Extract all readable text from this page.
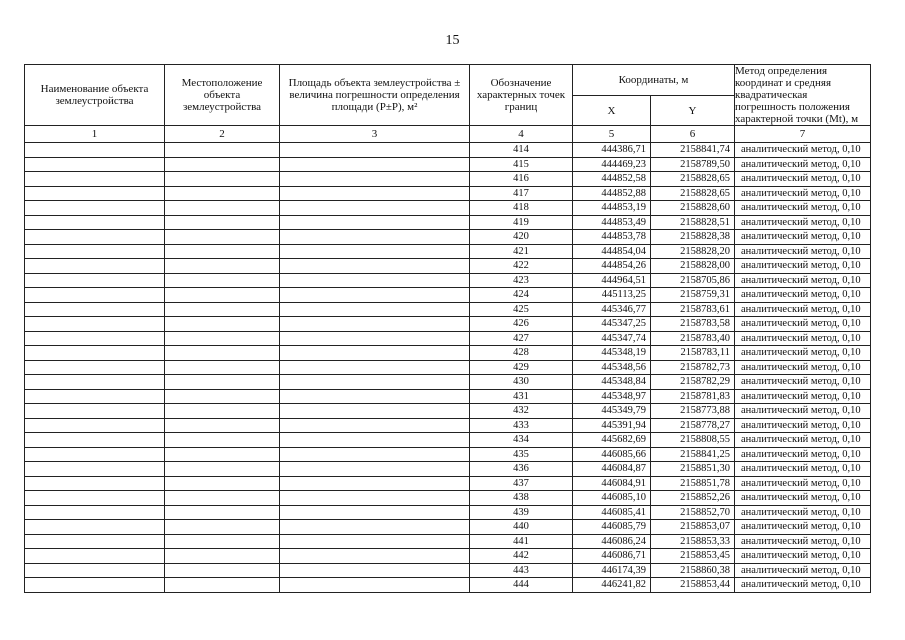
15
Наименование объекта землеустройства	Местоположение объекта землеустройства	Площадь объекта землеустройства ± величина погрешности определения площади (P±P), м²	Обозначение характерных точек границ	Координаты, м		Метод определения координат и средняя квадратическая погрешность положения характерной точки (Mt), м
				X	Y	
1	2	3	4	5	6	7
			414	444386,71	2158841,74	аналитический метод, 0,10
			415	444469,23	2158789,50	аналитический метод, 0,10
			416	444852,58	2158828,65	аналитический метод, 0,10
			417	444852,88	2158828,65	аналитический метод, 0,10
			418	444853,19	2158828,60	аналитический метод, 0,10
			419	444853,49	2158828,51	аналитический метод, 0,10
			420	444853,78	2158828,38	аналитический метод, 0,10
			421	444854,04	2158828,20	аналитический метод, 0,10
			422	444854,26	2158828,00	аналитический метод, 0,10
			423	444964,51	2158705,86	аналитический метод, 0,10
			424	445113,25	2158759,31	аналитический метод, 0,10
			425	445346,77	2158783,61	аналитический метод, 0,10
			426	445347,25	2158783,58	аналитический метод, 0,10
			427	445347,74	2158783,40	аналитический метод, 0,10
			428	445348,19	2158783,11	аналитический метод, 0,10
			429	445348,56	2158782,73	аналитический метод, 0,10
			430	445348,84	2158782,29	аналитический метод, 0,10
			431	445348,97	2158781,83	аналитический метод, 0,10
			432	445349,79	2158773,88	аналитический метод, 0,10
			433	445391,94	2158778,27	аналитический метод, 0,10
			434	445682,69	2158808,55	аналитический метод, 0,10
			435	446085,66	2158841,25	аналитический метод, 0,10
			436	446084,87	2158851,30	аналитический метод, 0,10
			437	446084,91	2158851,78	аналитический метод, 0,10
			438	446085,10	2158852,26	аналитический метод, 0,10
			439	446085,41	2158852,70	аналитический метод, 0,10
			440	446085,79	2158853,07	аналитический метод, 0,10
			441	446086,24	2158853,33	аналитический метод, 0,10
			442	446086,71	2158853,45	аналитический метод, 0,10
			443	446174,39	2158860,38	аналитический метод, 0,10
			444	446241,82	2158853,44	аналитический метод, 0,10
